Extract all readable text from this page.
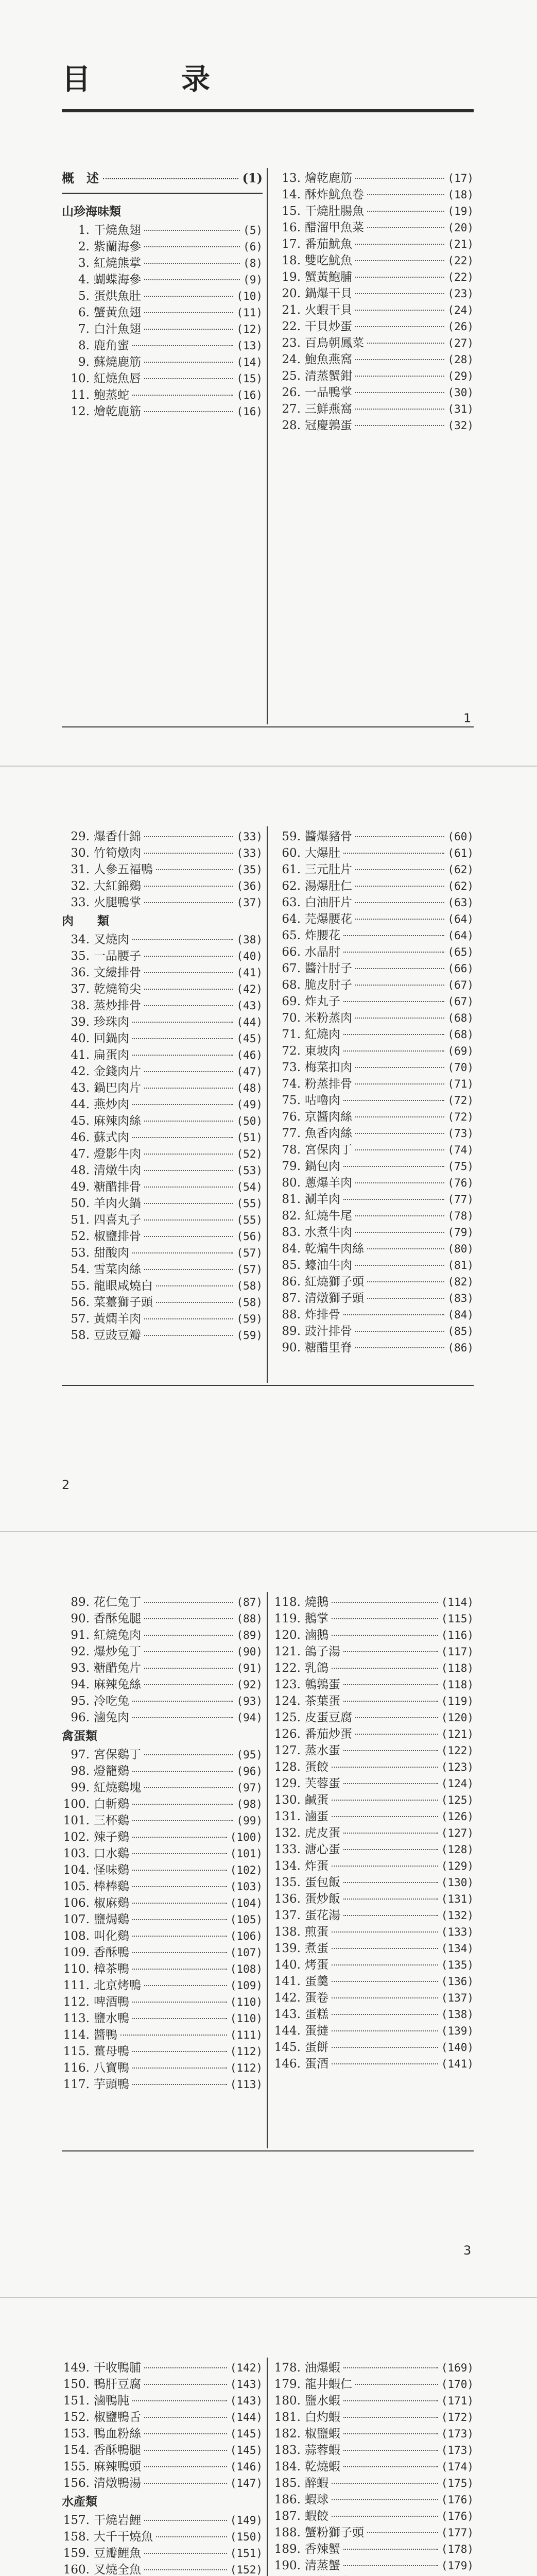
目　录
概　述	(1)
山珍海味類
1. 干燒魚翅	(5)
2. 紫蘭海參	(6)
3. 紅燒熊掌	(8)
4. 蝴蝶海參	(9)
5. 蛋烘魚肚	(10)
6. 蟹黃魚翅	(11)
7. 白汁魚翅	(12)
8. 鹿角蜜	(13)
9. 蘇燒鹿筋	(14)
10. 紅燒魚唇	(15)
11. 鮑蒸蛇	(16)
12. 燴乾鹿筋	(16)
13. 燴乾鹿筋	(17)
14. 酥炸魷魚卷	(18)
15. 干燒肚腸魚	(19)
16. 醋溜甲魚菜	(20)
17. 番茄魷魚	(21)
18. 雙吃魷魚	(22)
19. 蟹黃鮑脯	(22)
20. 鍋爆干貝	(23)
21. 火蝦干貝	(24)
22. 干貝炒蛋	(26)
23. 百鳥朝鳳菜	(27)
24. 鮑魚燕窩	(28)
25. 清蒸蟹鉗	(29)
26. 一品鴨掌	(30)
27. 三鮮燕窩	(31)
28. 冠慶鶉蛋	(32)
1
29. 爆香什錦	(33)
30. 竹筍燉肉	(33)
31. 人參五福鴨	(35)
32. 大紅錦鷄	(36)
33. 火腿鴨掌	(37)
肉　　類
34. 叉燒肉	(38)
35. 一品腰子	(40)
36. 文縷排骨	(41)
37. 乾燒筍尖	(42)
38. 蒸炒排骨	(43)
39. 珍珠肉	(44)
40. 回鍋肉	(45)
41. 扁蛋肉	(46)
42. 金錢肉片	(47)
43. 鍋巴肉片	(48)
44. 燕炒肉	(49)
45. 麻辣肉絲	(50)
46. 蘇式肉	(51)
47. 燈影牛肉	(52)
48. 清燉牛肉	(53)
49. 糖醋排骨	(54)
50. 羊肉火鍋	(55)
51. 四喜丸子	(55)
52. 椒鹽排骨	(56)
53. 甜酸肉	(57)
54. 雪菜肉絲	(57)
55. 龍眼咸燒白	(58)
56. 菜薹獅子頭	(58)
57. 黃燜羊肉	(59)
58. 豆豉豆瓣	(59)
59. 醬爆豬骨	(60)
60. 大爆肚	(61)
61. 三元肚片	(62)
62. 湯爆肚仁	(62)
63. 白油肝片	(63)
64. 芫爆腰花	(64)
65. 炸腰花	(64)
66. 水晶肘	(65)
67. 醬汁肘子	(66)
68. 脆皮肘子	(67)
69. 炸丸子	(67)
70. 米粉蒸肉	(68)
71. 紅燒肉	(68)
72. 東坡肉	(69)
73. 梅菜扣肉	(70)
74. 粉蒸排骨	(71)
75. 咕嚕肉	(72)
76. 京醬肉絲	(72)
77. 魚香肉絲	(73)
78. 宮保肉丁	(74)
79. 鍋包肉	(75)
80. 蔥爆羊肉	(76)
81. 涮羊肉	(77)
82. 紅燒牛尾	(78)
83. 水煮牛肉	(79)
84. 乾煸牛肉絲	(80)
85. 蠔油牛肉	(81)
86. 紅燒獅子頭	(82)
87. 清燉獅子頭	(83)
88. 炸排骨	(84)
89. 豉汁排骨	(85)
90. 糖醋里脊	(86)
2
89. 花仁兔丁	(87)
90. 香酥兔腿	(88)
91. 紅燒兔肉	(89)
92. 爆炒兔丁	(90)
93. 糖醋兔片	(91)
94. 麻辣兔絲	(92)
95. 冷吃兔	(93)
96. 滷兔肉	(94)
禽蛋類
97. 宮保鷄丁	(95)
98. 燈籠鷄	(96)
99. 紅燒鷄塊	(97)
100. 白斬鷄	(98)
101. 三杯鷄	(99)
102. 辣子鷄	(100)
103. 口水鷄	(101)
104. 怪味鷄	(102)
105. 棒棒鷄	(103)
106. 椒麻鷄	(104)
107. 鹽焗鷄	(105)
108. 叫化鷄	(106)
109. 香酥鴨	(107)
110. 樟茶鴨	(108)
111. 北京烤鴨	(109)
112. 啤酒鴨	(110)
113. 鹽水鴨	(110)
114. 醬鴨	(111)
115. 薑母鴨	(112)
116. 八寶鴨	(112)
117. 芋頭鴨	(113)
118. 燒鵝	(114)
119. 鵝掌	(115)
120. 滷鵝	(116)
121. 鴿子湯	(117)
122. 乳鴿	(118)
123. 鵪鶉蛋	(118)
124. 茶葉蛋	(119)
125. 皮蛋豆腐	(120)
126. 番茄炒蛋	(121)
127. 蒸水蛋	(122)
128. 蛋餃	(123)
129. 芙蓉蛋	(124)
130. 鹹蛋	(125)
131. 滷蛋	(126)
132. 虎皮蛋	(127)
133. 溏心蛋	(128)
134. 炸蛋	(129)
135. 蛋包飯	(130)
136. 蛋炒飯	(131)
137. 蛋花湯	(132)
138. 煎蛋	(133)
139. 煮蛋	(134)
140. 烤蛋	(135)
141. 蛋羹	(136)
142. 蛋卷	(137)
143. 蛋糕	(138)
144. 蛋撻	(139)
145. 蛋餅	(140)
146. 蛋酒	(141)
3
149. 干收鴨脯	(142)
150. 鴨肝豆腐	(143)
151. 滷鴨肫	(143)
152. 椒鹽鴨舌	(144)
153. 鴨血粉絲	(145)
154. 香酥鴨腿	(145)
155. 麻辣鴨頭	(146)
156. 清燉鴨湯	(147)
水產類
157. 干燒岩鯉	(149)
158. 大千干燒魚	(150)
159. 豆瓣鯉魚	(151)
160. 叉燒全魚	(152)
178. 油爆蝦	(169)
179. 龍井蝦仁	(170)
180. 鹽水蝦	(171)
181. 白灼蝦	(172)
182. 椒鹽蝦	(173)
183. 蒜蓉蝦	(173)
184. 乾燒蝦	(174)
185. 醉蝦	(175)
186. 蝦球	(176)
187. 蝦餃	(176)
188. 蟹粉獅子頭	(177)
189. 香辣蟹	(178)
190. 清蒸蟹	(179)
